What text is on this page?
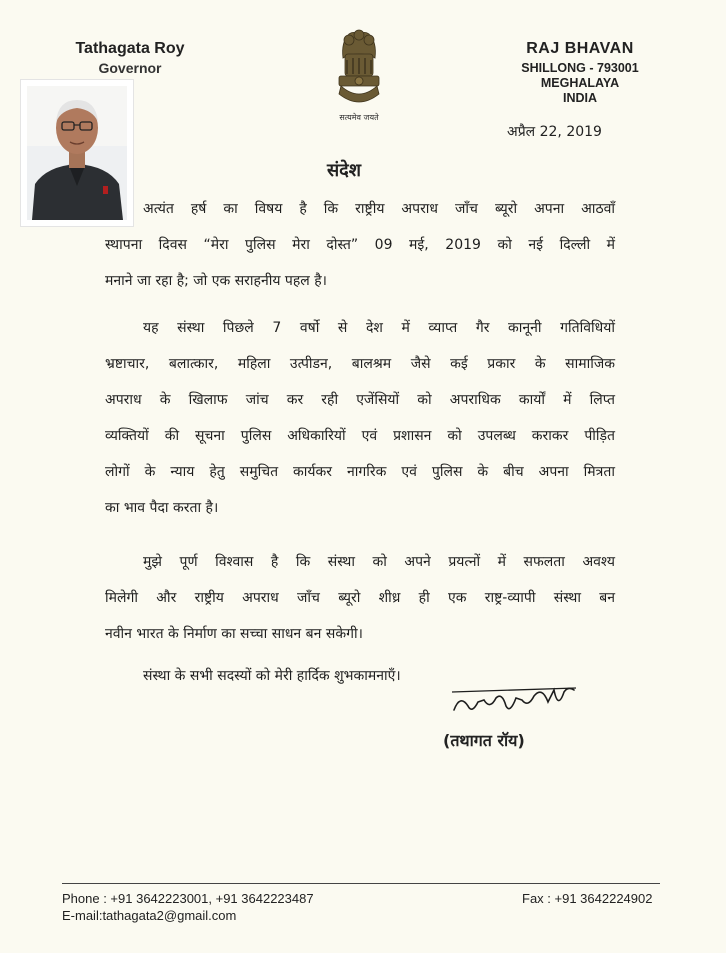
Tathagata Roy
Governor
सत्यमेव जयते
RAJ BHAVAN
SHILLONG - 793001
MEGHALAYA
INDIA
अप्रैल 22, 2019
संदेश
अत्यंत हर्ष का विषय है कि राष्ट्रीय अपराध जाँच ब्यूरो अपना आठवाँ
स्थापना दिवस “मेरा पुलिस मेरा दोस्त” 09 मई, 2019 को नई दिल्ली में
मनाने जा रहा है; जो एक सराहनीय पहल है।
यह संस्था पिछले 7 वर्षो से देश में व्याप्त गैर कानूनी गतिविधियों
भ्रष्टाचार, बलात्कार, महिला उत्पीडन, बालश्रम जैसे कई प्रकार के सामाजिक
अपराध के खिलाफ जांच कर रही एजेंसियों को अपराधिक कार्यों में लिप्त
व्यक्तियों की सूचना पुलिस अधिकारियों एवं प्रशासन को उपलब्ध कराकर पीड़ित
लोगों के न्याय हेतु समुचित कार्यकर नागरिक एवं पुलिस के बीच अपना मित्रता
का भाव पैदा करता है।
मुझे पूर्ण विश्वास है कि संस्था को अपने प्रयत्नों में सफलता अवश्य
मिलेगी और राष्ट्रीय अपराध जाँच ब्यूरो शीध्र ही एक राष्ट्र-व्यापी संस्था बन
नवीन भारत के निर्माण का सच्चा साधन बन सकेगी।
संस्था के सभी सदस्यों को मेरी हार्दिक शुभकामनाएँ।
(तथागत रॉय)
Phone : +91 3642223001, +91 3642223487
E-mail:tathagata2@gmail.com
Fax : +91 3642224902
